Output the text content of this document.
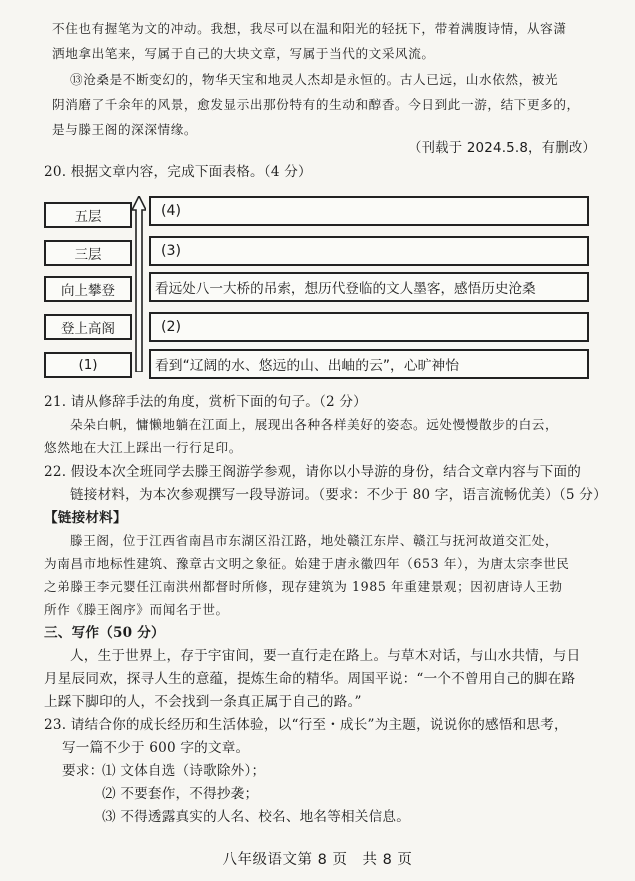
不住也有握笔为文的冲动。我想，我尽可以在温和阳光的轻抚下，带着满腹诗情，从容潇
洒地拿出笔来，写属于自己的大块文章，写属于当代的文采风流。
⑬沧桑是不断变幻的，物华天宝和地灵人杰却是永恒的。古人已远，山水依然，被光
阴消磨了千余年的风景，愈发显示出那份特有的生动和醇香。今日到此一游，结下更多的，
是与滕王阁的深深情缘。
（刊载于 2024.5.8，有删改）
20. 根据文章内容，完成下面表格。（4 分）
五层
三层
向上攀登
登上高阁
(1)
(4)
(3)
看远处八一大桥的吊索，想历代登临的文人墨客，感悟历史沧桑
(2)
看到“辽阔的水、悠远的山、出岫的云”，心旷神怡
21. 请从修辞手法的角度，赏析下面的句子。（2 分）
朵朵白帆，慵懒地躺在江面上，展现出各种各样美好的姿态。远处慢慢散步的白云，
悠然地在大江上踩出一行行足印。
22. 假设本次全班同学去滕王阁游学参观，请你以小导游的身份，结合文章内容与下面的
链接材料，为本次参观撰写一段导游词。（要求：不少于 80 字，语言流畅优美）（5 分）
【链接材料】
滕王阁，位于江西省南昌市东湖区沿江路，地处赣江东岸、赣江与抚河故道交汇处，
为南昌市地标性建筑、豫章古文明之象征。始建于唐永徽四年（653 年），为唐太宗李世民
之弟滕王李元婴任江南洪州都督时所修，现存建筑为 1985 年重建景观；因初唐诗人王勃
所作《滕王阁序》而闻名于世。
三、写作（50 分）
人，生于世界上，存于宇宙间，要一直行走在路上。与草木对话，与山水共情，与日
月星辰同欢，探寻人生的意蕴，提炼生命的精华。周国平说：“一个不曾用自己的脚在路
上踩下脚印的人，不会找到一条真正属于自己的路。”
23. 请结合你的成长经历和生活体验，以“行至・成长”为主题，说说你的感悟和思考，
写一篇不少于 600 字的文章。
要求：
⑴ 文体自选（诗歌除外）；
⑵ 不要套作，不得抄袭；
⑶ 不得透露真实的人名、校名、地名等相关信息。
八年级语文第 8 页　共 8 页
